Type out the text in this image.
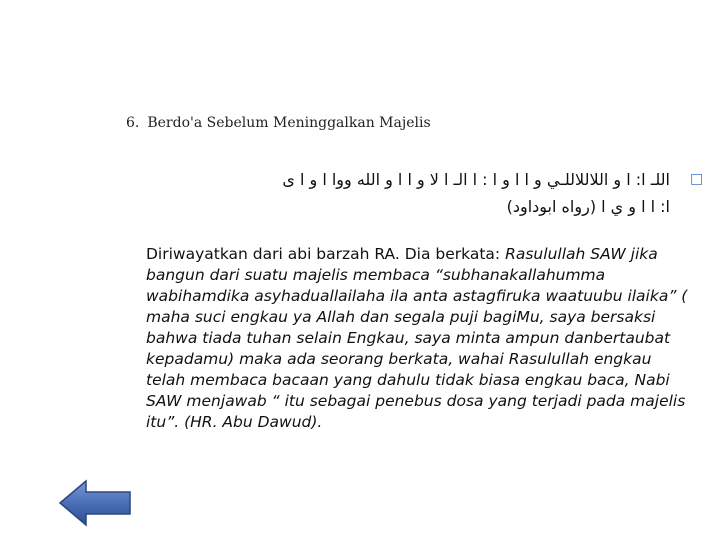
6. Berdo'a Sebelum Meninggalkan Majelis
□
اللـ ا: ا و اللاللاللـي و ا ا و ا : ا الـ ا لا و ا ا و الله ووا ا و ا ى
ا: ا ا و ي ا (رواه ابوداود)
Diriwayatkan dari abi barzah RA. Dia berkata: Rasulullah SAW jika bangun dari suatu majelis membaca “subhanakallahumma wabihamdika asyhaduallailaha ila anta astagfiruka waatuubu ilaika” ( maha suci engkau ya Allah dan segala puji bagiMu, saya bersaksi bahwa tiada tuhan selain Engkau, saya minta ampun danbertaubat kepadamu) maka ada seorang berkata, wahai Rasulullah engkau telah membaca bacaan yang dahulu tidak biasa engkau baca, Nabi SAW menjawab “ itu sebagai penebus dosa yang terjadi pada majelis itu”. (HR. Abu Dawud).
